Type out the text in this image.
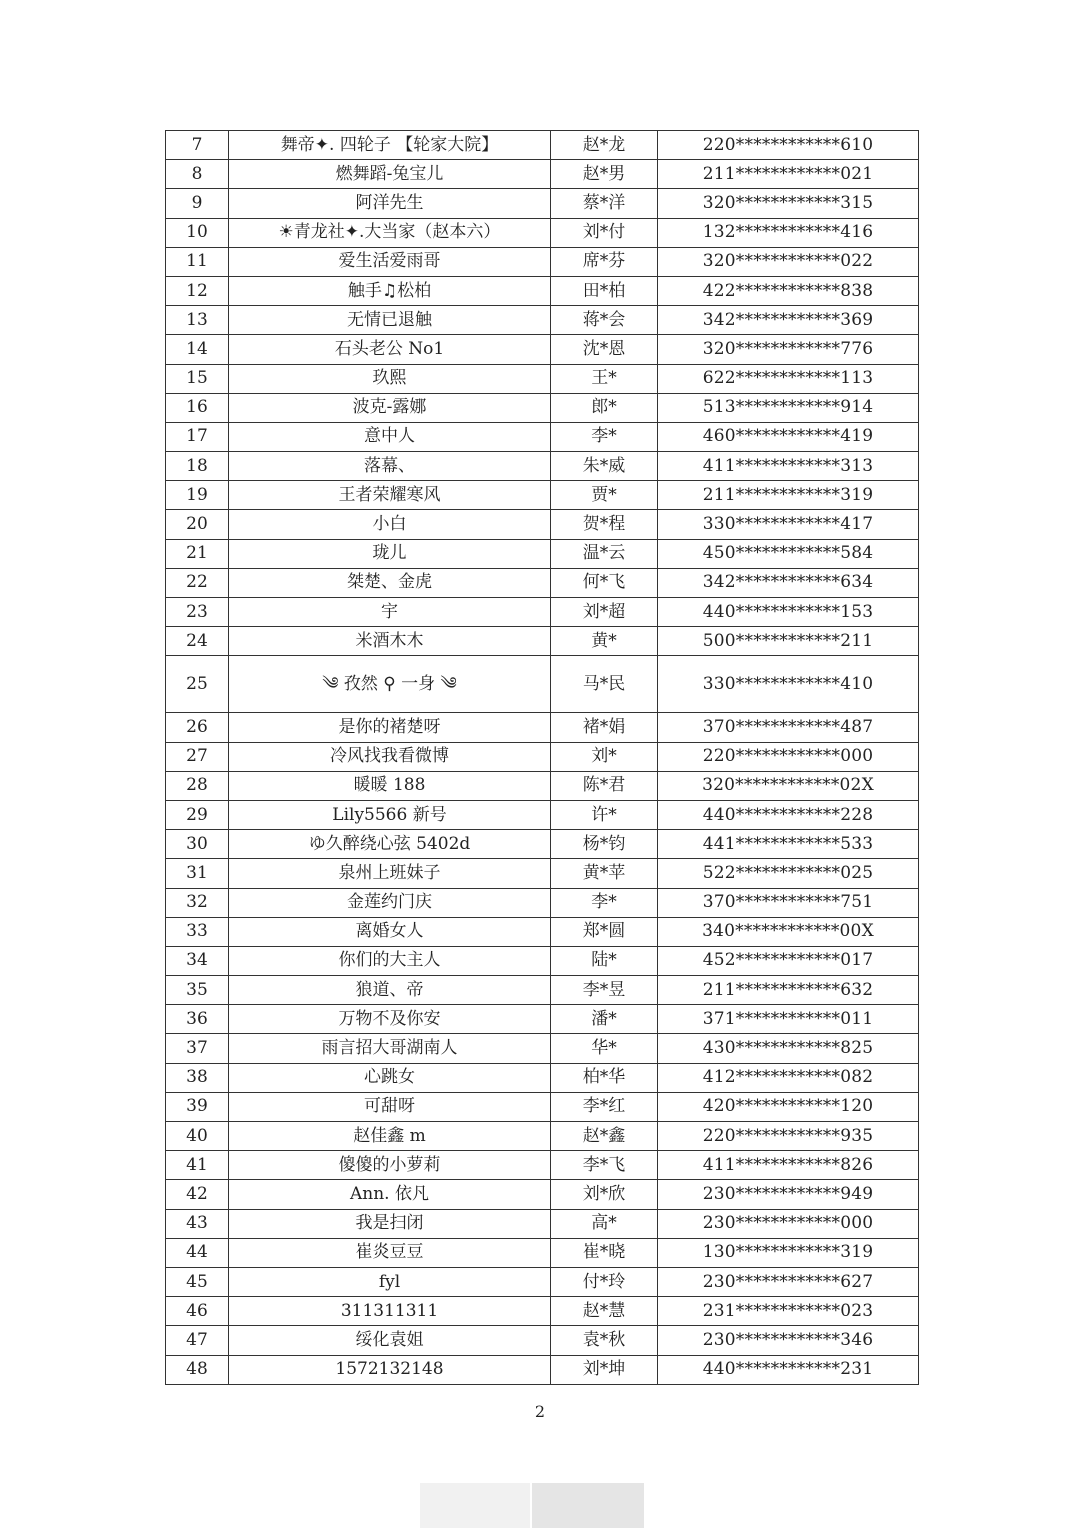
7	舞帝✦. 四轮子 【轮家大院】	赵*龙	220************610
8	燃舞蹈-兔宝儿	赵*男	211************021
9	阿洋先生	蔡*洋	320************315
10	☀青龙社✦.大当家（赵本六）	刘*付	132************416
11	爱生活爱雨哥	席*芬	320************022
12	触手♫松柏	田*柏	422************838
13	无情已退触	蒋*会	342************369
14	石头老公 No1	沈*恩	320************776
15	玖熙	王*	622************113
16	波克-露娜	郎*	513************914
17	意中人	李*	460************419
18	落幕、	朱*威	411************313
19	王者荣耀寒风	贾*	211************319
20	小白	贺*程	330************417
21	珑儿	温*云	450************584
22	桀楚、金虎	何*飞	342************634
23	宇	刘*超	440************153
24	米酒木木	黄*	500************211
25	༄ 孜然 ⚲ 一身 ༄	马*民	330************410
26	是你的褚楚呀	褚*娟	370************487
27	冷风找我看微博	刘*	220************000
28	暖暖 188	陈*君	320************02X
29	Lily5566 新号	许*	440************228
30	ゆ久醉绕心弦 5402d	杨*钧	441************533
31	泉州上班妹子	黄*苹	522************025
32	金莲约门庆	李*	370************751
33	离婚女人	郑*圆	340************00X
34	你们的大主人	陆*	452************017
35	狼道、帝	李*昱	211************632
36	万物不及你安	潘*	371************011
37	雨言招大哥湖南人	华*	430************825
38	心跳女	柏*华	412************082
39	可甜呀	李*红	420************120
40	赵佳鑫 m	赵*鑫	220************935
41	傻傻的小萝莉	李*飞	411************826
42	Ann. 依凡	刘*欣	230************949
43	我是扫闭	高*	230************000
44	崔炎豆豆	崔*晓	130************319
45	fyl	付*玲	230************627
46	311311311	赵*慧	231************023
47	绥化袁姐	袁*秋	230************346
48	1572132148	刘*坤	440************231
2
